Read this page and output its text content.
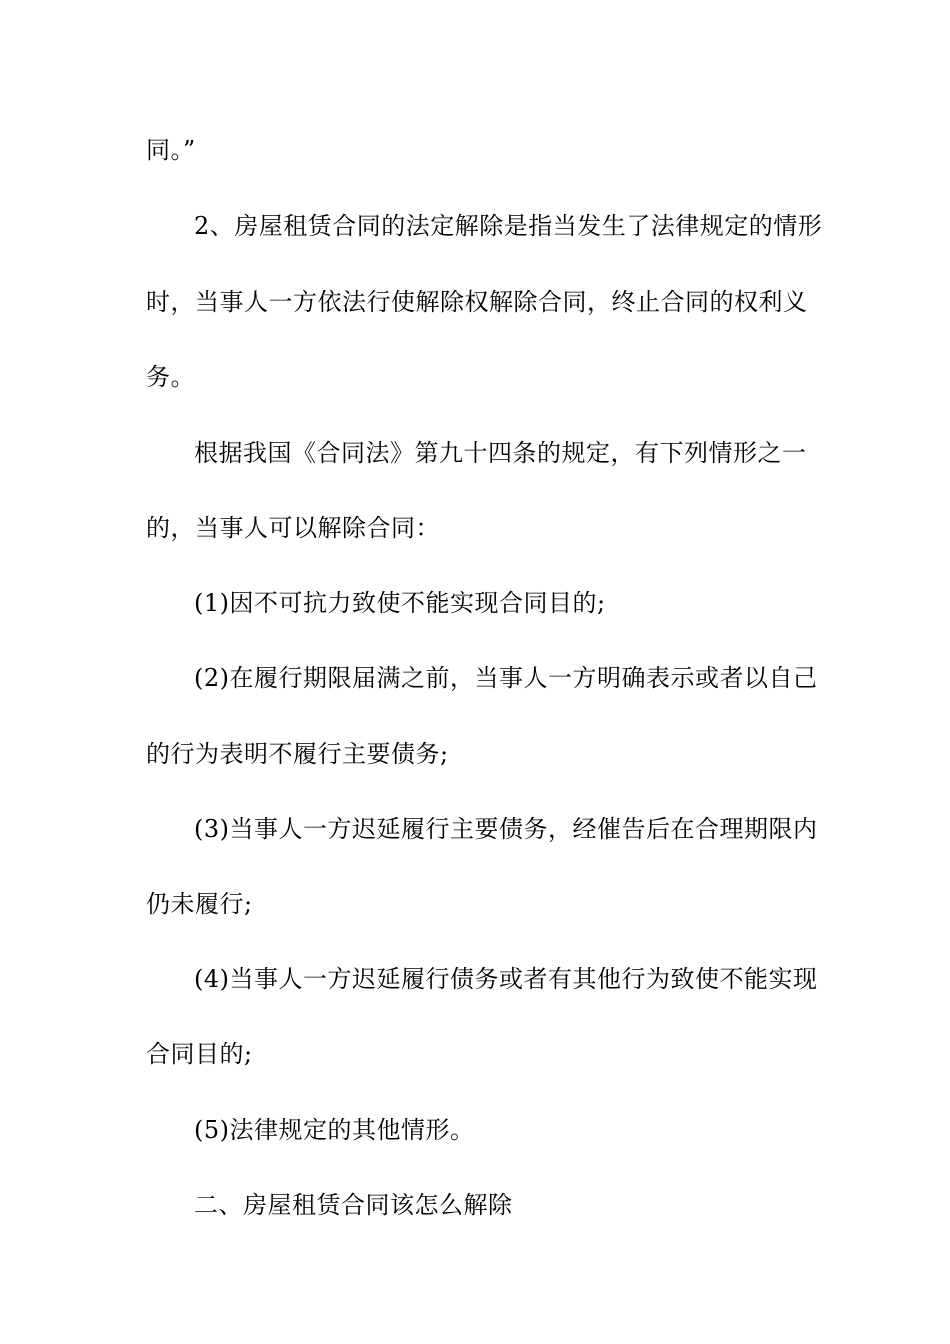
同。”
2、房屋租赁合同的法定解除是指当发生了法律规定的情形
时，当事人一方依法行使解除权解除合同，终止合同的权利义
务。
根据我国《合同法》第九十四条的规定，有下列情形之一
的，当事人可以解除合同：
(1)因不可抗力致使不能实现合同目的;
(2)在履行期限届满之前，当事人一方明确表示或者以自己
的行为表明不履行主要债务;
(3)当事人一方迟延履行主要债务，经催告后在合理期限内
仍未履行;
(4)当事人一方迟延履行债务或者有其他行为致使不能实现
合同目的;
(5)法律规定的其他情形。
二、房屋租赁合同该怎么解除
